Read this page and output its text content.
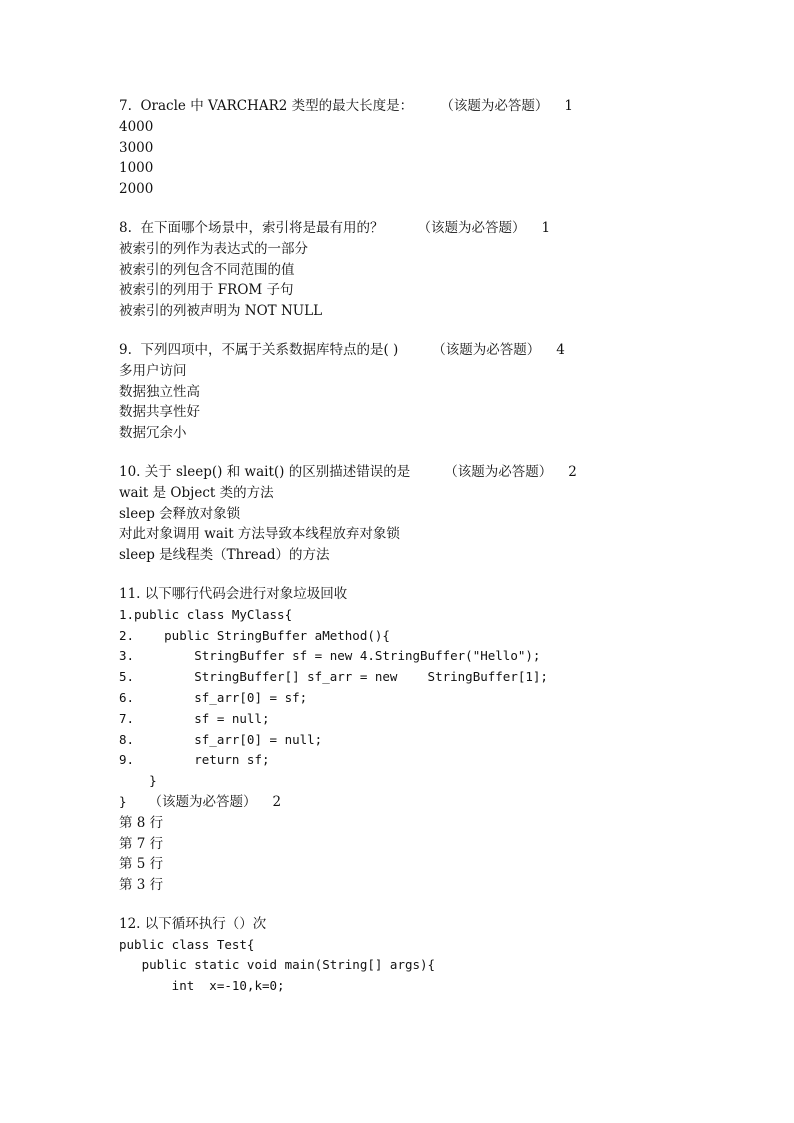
7.  Oracle 中 VARCHAR2 类型的最大长度是：	（该题为必答题） 1
4000
3000
1000
2000
8.  在下面哪个场景中，索引将是最有用的？	（该题为必答题） 1
被索引的列作为表达式的一部分
被索引的列包含不同范围的值
被索引的列用于 FROM 子句
被索引的列被声明为 NOT NULL
9.  下列四项中，不属于关系数据库特点的是( )	（该题为必答题） 4
多用户访问
数据独立性高
数据共享性好
数据冗余小
10. 关于 sleep() 和 wait() 的区别描述错误的是	（该题为必答题） 2
wait 是 Object 类的方法
sleep 会释放对象锁
对此对象调用 wait 方法导致本线程放弃对象锁
sleep 是线程类（Thread）的方法
11. 以下哪行代码会进行对象垃圾回收
1.public class MyClass{
2.    public StringBuffer aMethod(){
3.        StringBuffer sf = new 4.StringBuffer("Hello");
5.        StringBuffer[] sf_arr = new    StringBuffer[1];
6.        sf_arr[0] = sf;
7.        sf = null;
8.        sf_arr[0] = null;
9.        return sf;
}
} （该题为必答题） 2
第 8 行
第 7 行
第 5 行
第 3 行
12. 以下循环执行（）次
public class Test{
public static void main(String[] args){
int  x=-10,k=0;
